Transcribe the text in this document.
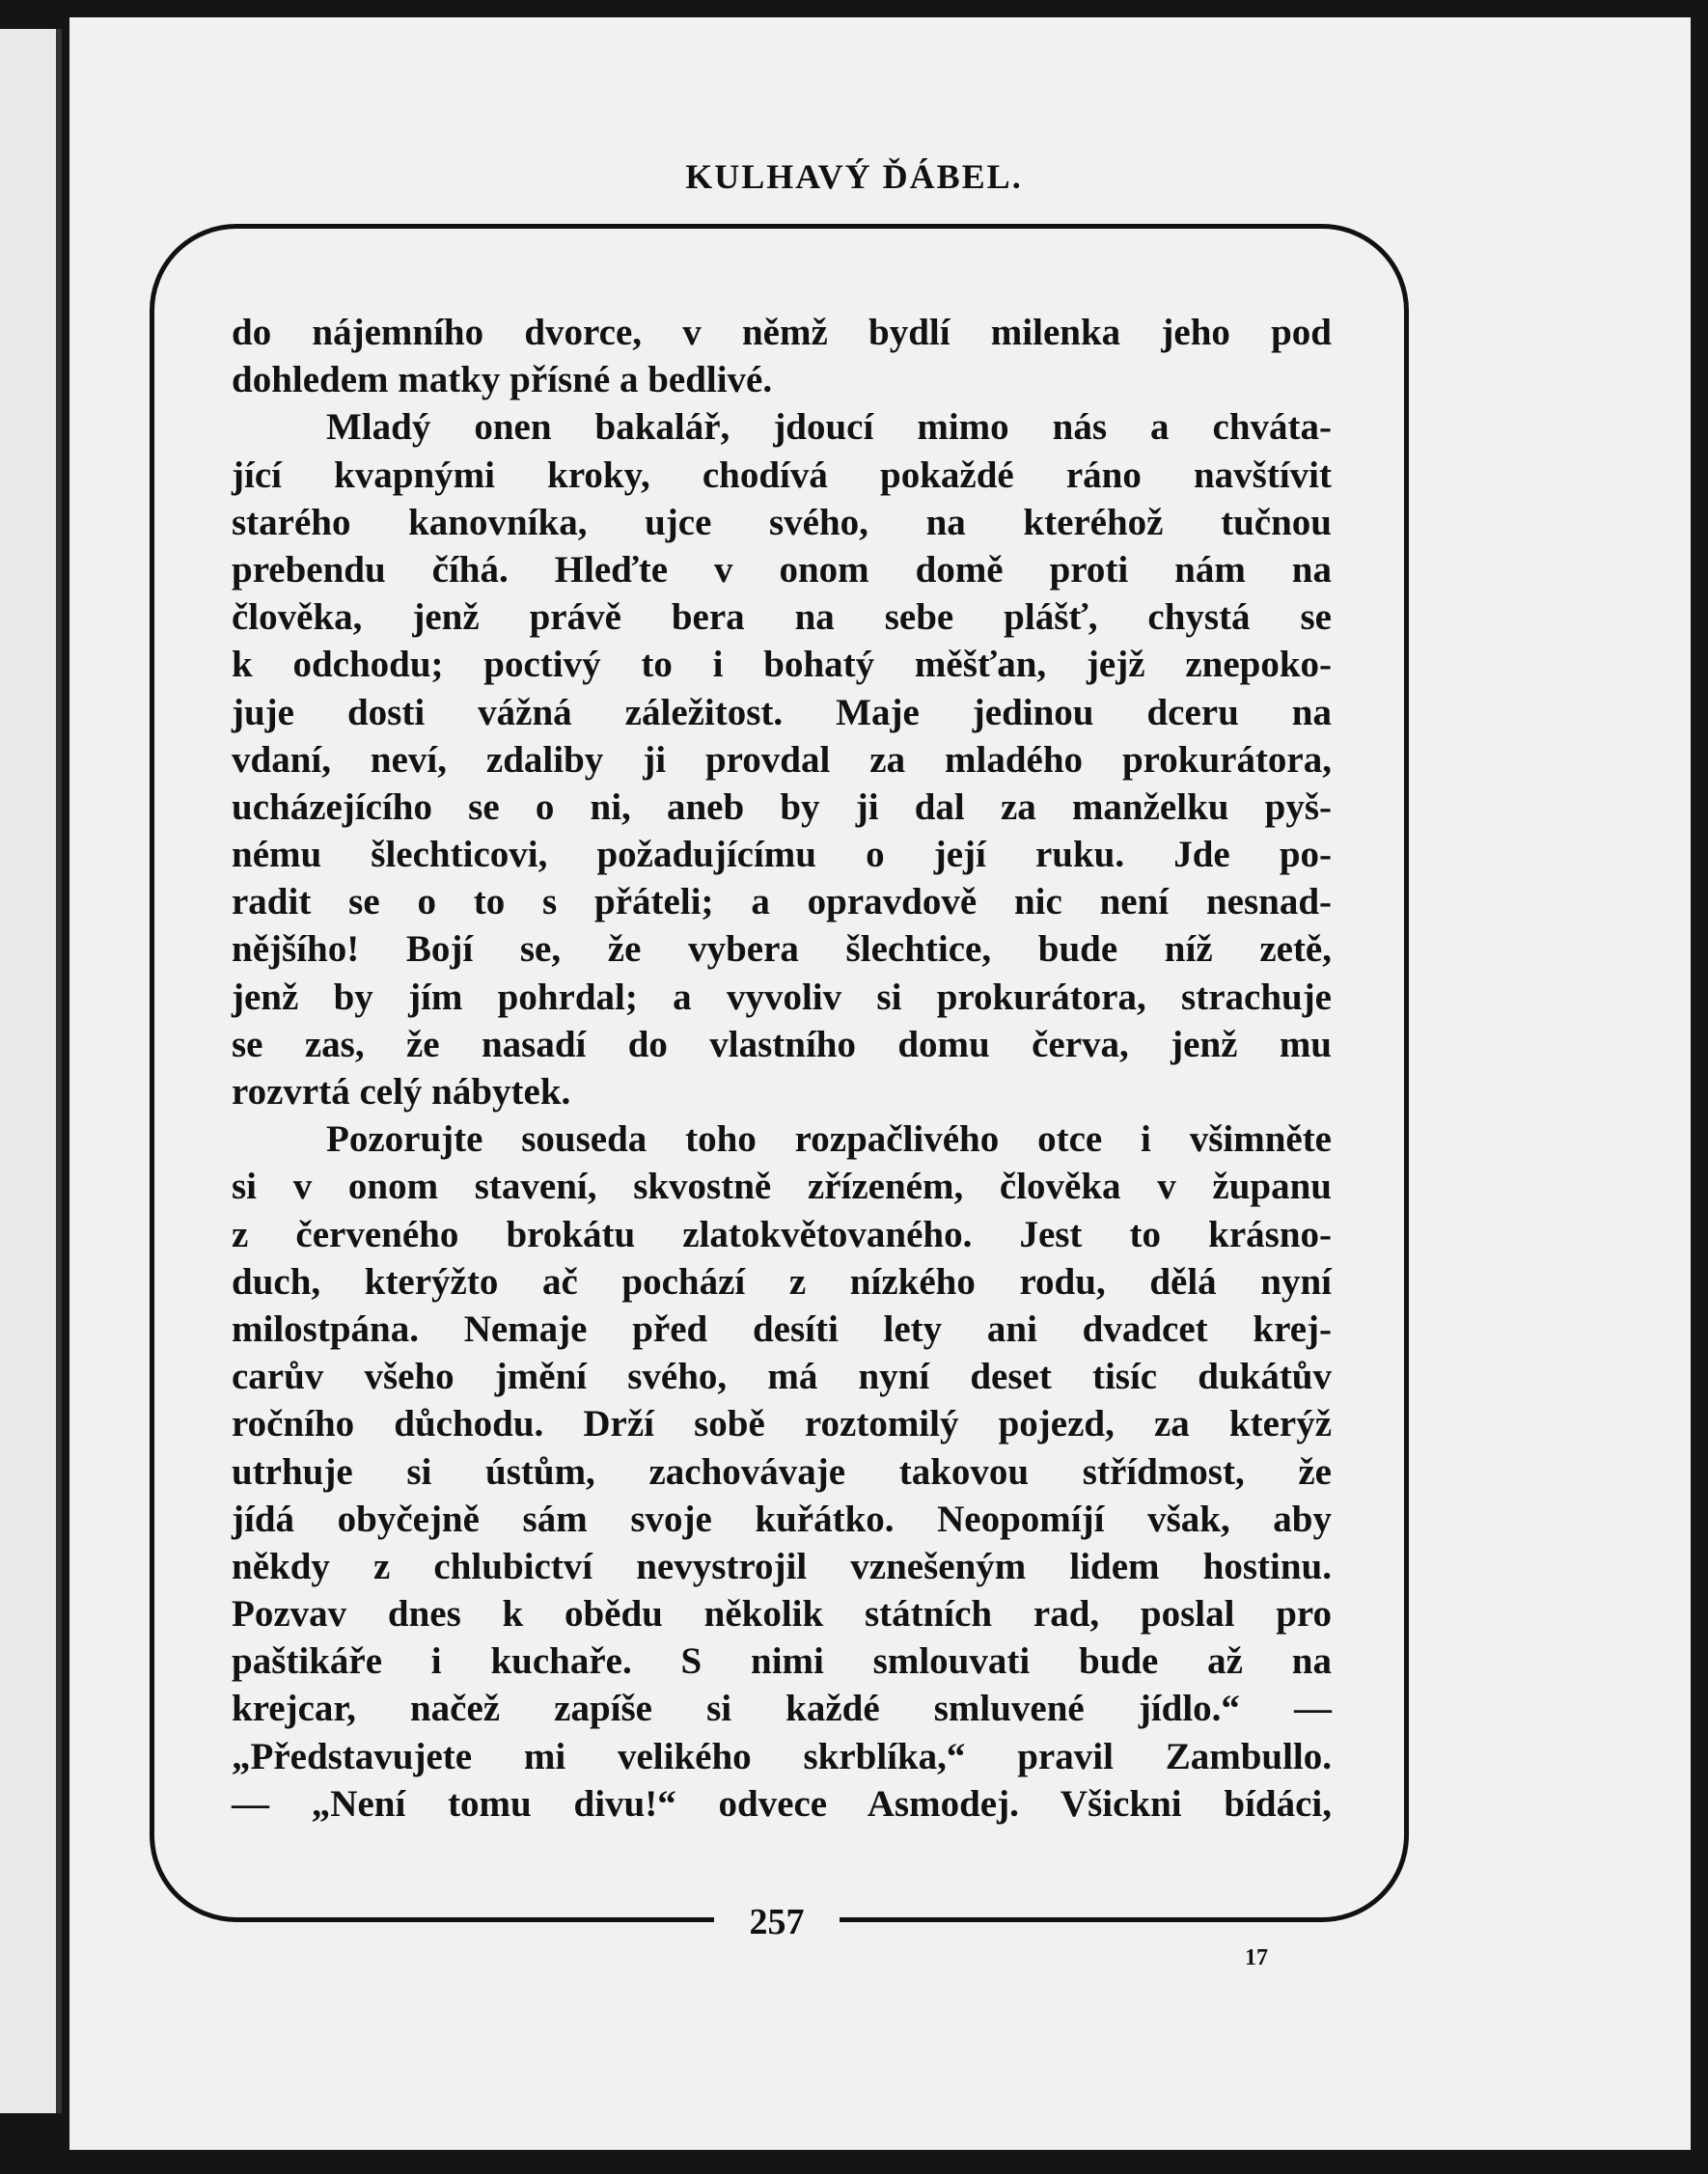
KULHAVÝ ĎÁBEL.
do nájemního dvorce, v němž bydlí milenka jeho pod
dohledem matky přísné a bedlivé.
Mladý onen bakalář, jdoucí mimo nás a chváta-
jící kvapnými kroky, chodívá pokaždé ráno navštívit
starého kanovníka, ujce svého, na kteréhož tučnou
prebendu číhá. Hleďte v onom domě proti nám na
člověka, jenž právě bera na sebe plášť, chystá se
k odchodu; poctivý to i bohatý měšťan, jejž znepoko-
juje dosti vážná záležitost. Maje jedinou dceru na
vdaní, neví, zdaliby ji provdal za mladého prokurátora,
ucházejícího se o ni, aneb by ji dal za manželku pyš-
nému šlechticovi, požadujícímu o její ruku. Jde po-
radit se o to s přáteli; a opravdově nic není nesnad-
nějšího! Bojí se, že vybera šlechtice, bude níž zetě,
jenž by jím pohrdal; a vyvoliv si prokurátora, strachuje
se zas, že nasadí do vlastního domu červa, jenž mu
rozvrtá celý nábytek.
Pozorujte souseda toho rozpačlivého otce i všimněte
si v onom stavení, skvostně zřízeném, člověka v županu
z červeného brokátu zlatokvětovaného. Jest to krásno-
duch, kterýžto ač pochází z nízkého rodu, dělá nyní
milostpána. Nemaje před desíti lety ani dvadcet krej-
carův všeho jmění svého, má nyní deset tisíc dukátův
ročního důchodu. Drží sobě roztomilý pojezd, za kterýž
utrhuje si ústům, zachovávaje takovou střídmost, že
jídá obyčejně sám svoje kuřátko. Neopomíjí však, aby
někdy z chlubictví nevystrojil vznešeným lidem hostinu.
Pozvav dnes k obědu několik státních rad, poslal pro
paštikáře i kuchaře. S nimi smlouvati bude až na
krejcar, načež zapíše si každé smluvené jídlo.“ —
„Představujete mi velikého skrblíka,“ pravil Zambullo.
— „Není tomu divu!“ odvece Asmodej. Všickni bídáci,
257
17
